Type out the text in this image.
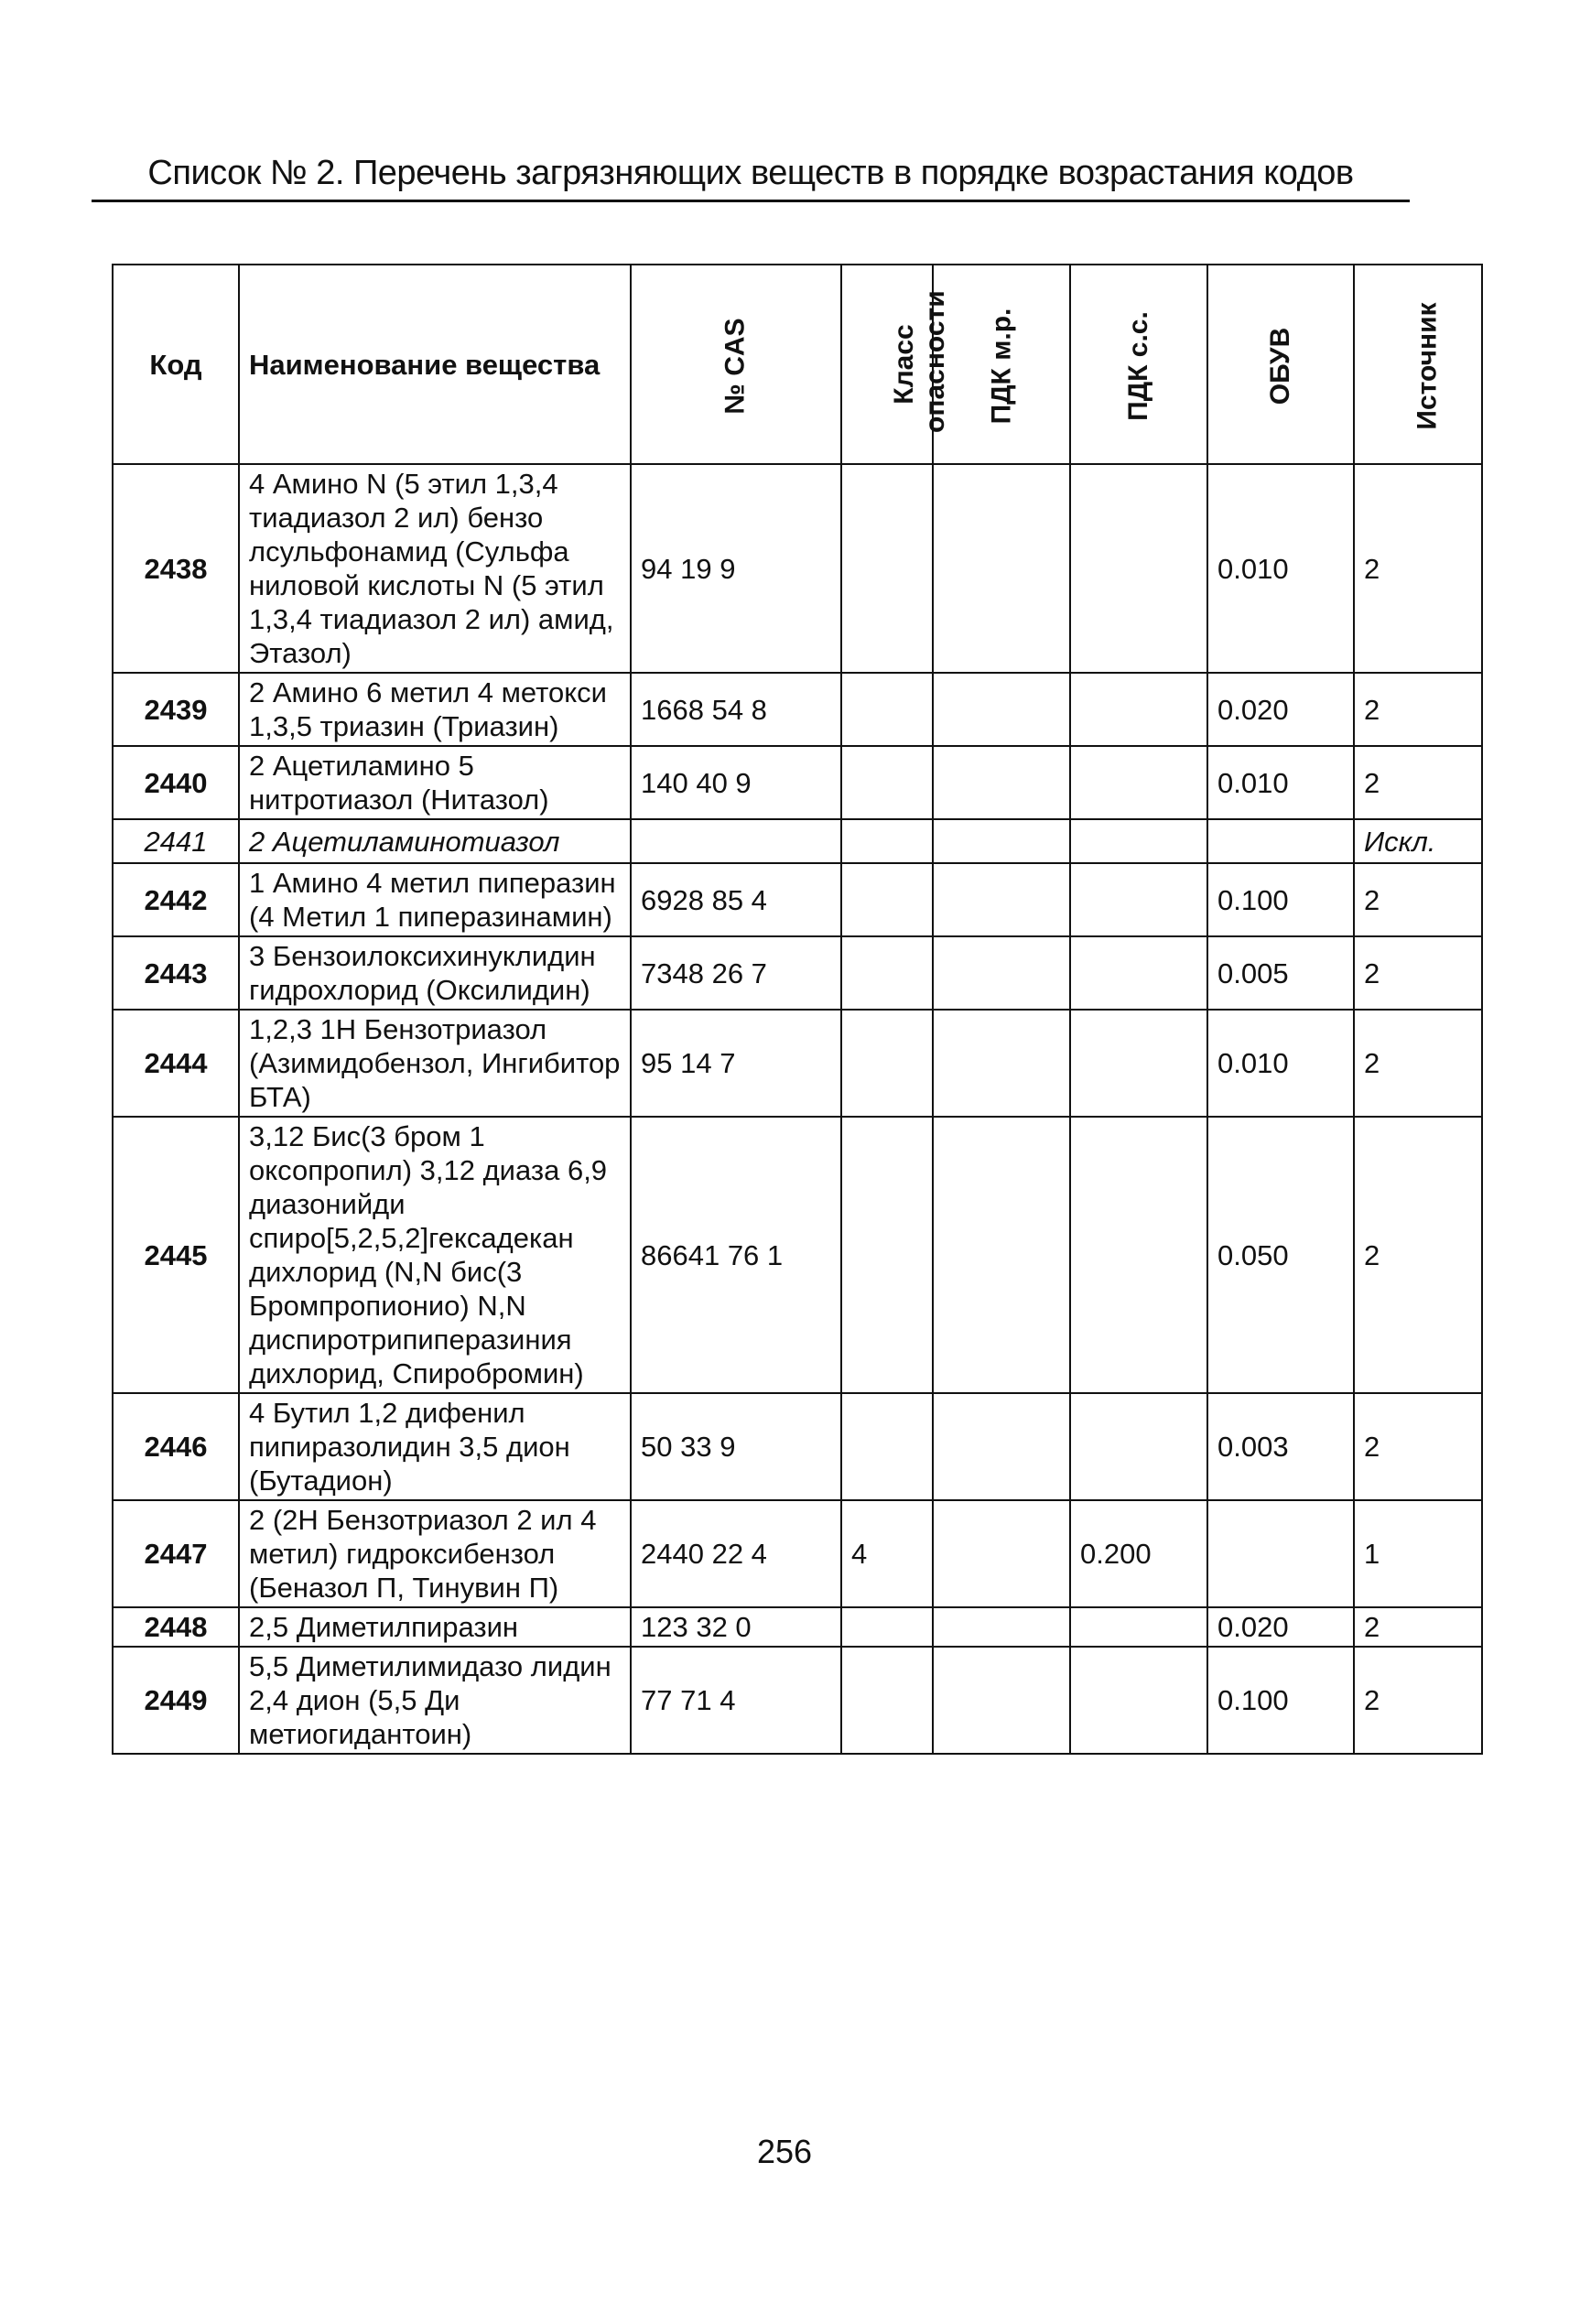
Список № 2. Перечень загрязняющих веществ в порядке возрастания кодов
Код	Наименование вещества	№ CAS	Класс опасности	ПДК м.р.	ПДК с.с.	ОБУВ	Источник
2438	4 Амино N (5 этил 1,3,4 тиадиазол 2 ил) бензо лсульфонамид (Сульфа ниловой кислоты N (5 этил 1,3,4 тиадиазол 2 ил) амид, Этазол)	94 19 9				0.010	2
2439	2 Амино 6 метил 4 метокси 1,3,5 триазин (Триазин)	1668 54 8				0.020	2
2440	2 Ацетиламино 5 нитротиазол (Нитазол)	140 40 9				0.010	2
2441	2 Ацетиламинотиазол						Искл.
2442	1 Амино 4 метил пиперазин (4 Метил 1 пиперазинамин)	6928 85 4				0.100	2
2443	3 Бензоилоксихинуклидин гидрохлорид (Оксилидин)	7348 26 7				0.005	2
2444	1,2,3 1H Бензотриазол (Азимидобензол, Ингибитор БТА)	95 14 7				0.010	2
2445	3,12 Бис(3 бром 1 оксопропил) 3,12 диаза 6,9 диазонийди спиро[5,2,5,2]гексадекан дихлорид (N,N бис(3 Бромпропионио) N,N диспиротрипиперазиния дихлорид, Спиробромин)	86641 76 1				0.050	2
2446	4 Бутил 1,2 дифенил пипиразолидин 3,5 дион (Бутадион)	50 33 9				0.003	2
2447	2 (2H Бензотриазол 2 ил 4 метил) гидроксибензол (Беназол П, Тинувин П)	2440 22 4	4		0.200		1
2448	2,5 Диметилпиразин	123 32 0				0.020	2
2449	5,5 Диметилимидазо лидин 2,4 дион (5,5 Ди метиогидантоин)	77 71 4				0.100	2
256
